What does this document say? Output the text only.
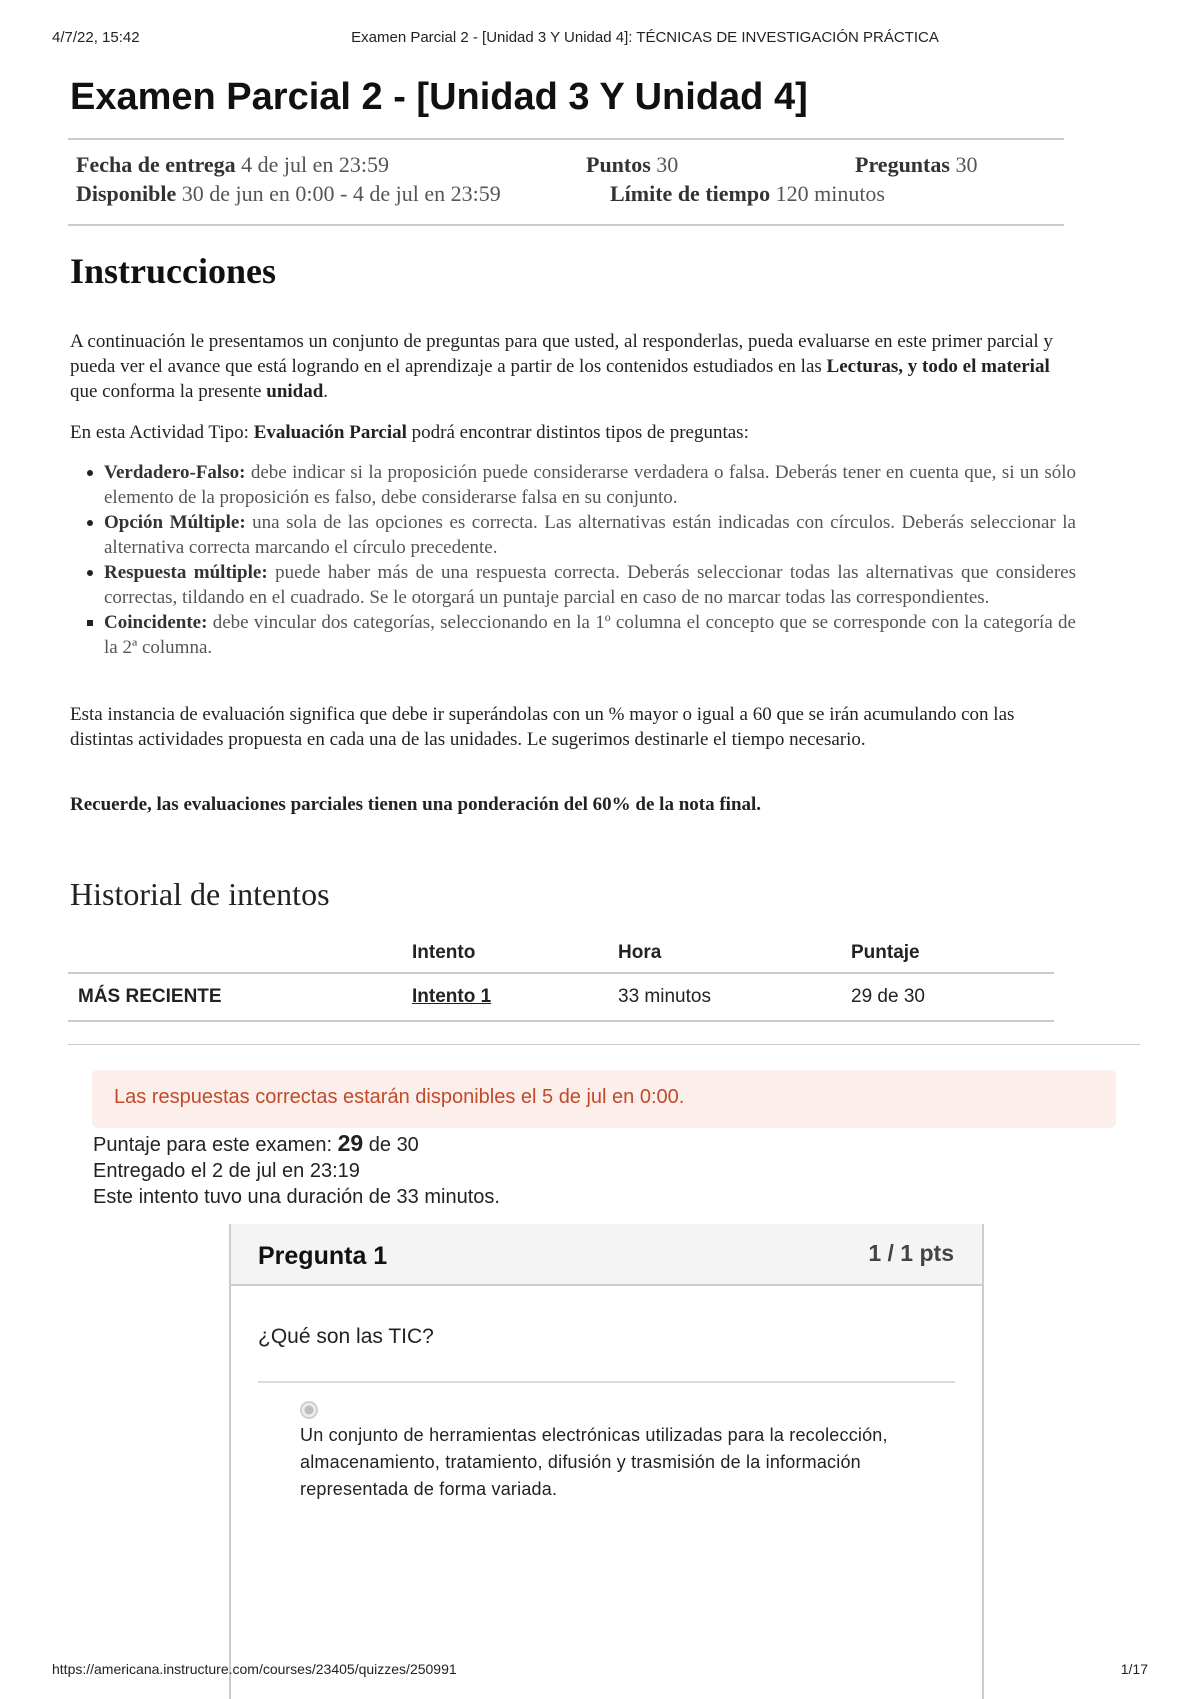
4/7/22, 15:42	Examen Parcial 2 - [Unidad 3 Y Unidad 4]: TÉCNICAS DE INVESTIGACIÓN PRÁCTICA
Examen Parcial 2 - [Unidad 3 Y Unidad 4]
Fecha de entrega 4 de jul en 23:59	Puntos 30	Preguntas 30
Disponible 30 de jun en 0:00 - 4 de jul en 23:59	Límite de tiempo 120 minutos
Instrucciones
A continuación le presentamos un conjunto de preguntas para que usted, al responderlas, pueda evaluarse en este primer parcial y pueda ver el avance que está logrando en el aprendizaje a partir de los contenidos estudiados en las Lecturas, y todo el material que conforma la presente unidad.
En esta Actividad Tipo: Evaluación Parcial podrá encontrar distintos tipos de preguntas:
Verdadero-Falso: debe indicar si la proposición puede considerarse verdadera o falsa. Deberás tener en cuenta que, si un sólo elemento de la proposición es falso, debe considerarse falsa en su conjunto.
Opción Múltiple: una sola de las opciones es correcta. Las alternativas están indicadas con círculos. Deberás seleccionar la alternativa correcta marcando el círculo precedente.
Respuesta múltiple: puede haber más de una respuesta correcta. Deberás seleccionar todas las alternativas que consideres correctas, tildando en el cuadrado. Se le otorgará un puntaje parcial en caso de no marcar todas las correspondientes.
Coincidente: debe vincular dos categorías, seleccionando en la 1º columna el concepto que se corresponde con la categoría de la 2ª columna.
Esta instancia de evaluación significa que debe ir superándolas con un % mayor o igual a 60 que se irán acumulando con las distintas actividades propuesta en cada una de las unidades. Le sugerimos destinarle el tiempo necesario.
Recuerde, las evaluaciones parciales tienen una ponderación del 60% de la nota final.
Historial de intentos
	Intento	Hora	Puntaje
MÁS RECIENTE	Intento 1	33 minutos	29 de 30
Las respuestas correctas estarán disponibles el 5 de jul en 0:00.
Puntaje para este examen: 29 de 30
Entregado el 2 de jul en 23:19
Este intento tuvo una duración de 33 minutos.
Pregunta 1	1 / 1 pts
¿Qué son las TIC?
Un conjunto de herramientas electrónicas utilizadas para la recolección, almacenamiento, tratamiento, difusión y trasmisión de la información representada de forma variada.
https://americana.instructure.com/courses/23405/quizzes/250991	1/17
